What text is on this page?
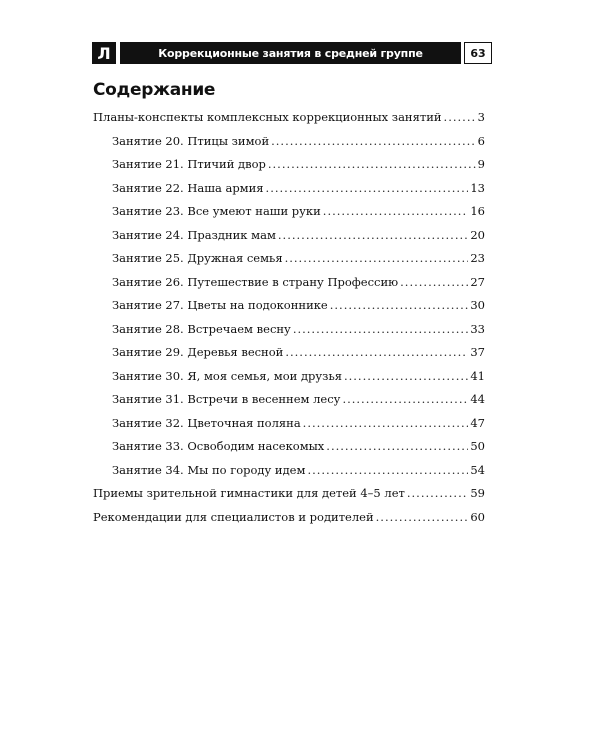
Л	Коррекционные занятия в средней группе	63
Содержание
Планы-конспекты комплексных коррекционных занятий .....	3
Занятие 20. Птицы зимой .....	6
Занятие 21. Птичий двор .....	9
Занятие 22. Наша армия .....	13
Занятие 23. Все умеют наши руки .....	16
Занятие 24. Праздник мам .....	20
Занятие 25. Дружная семья .....	23
Занятие 26. Путешествие в страну Профессию .....	27
Занятие 27. Цветы на подоконнике .....	30
Занятие 28. Встречаем весну .....	33
Занятие 29. Деревья весной .....	37
Занятие 30. Я, моя семья, мои друзья .....	41
Занятие 31. Встречи в весеннем лесу .....	44
Занятие 32. Цветочная поляна .....	47
Занятие 33. Освободим насекомых .....	50
Занятие 34. Мы по городу идем .....	54
Приемы зрительной гимнастики для детей 4–5 лет .....	59
Рекомендации для специалистов и родителей .....	60
